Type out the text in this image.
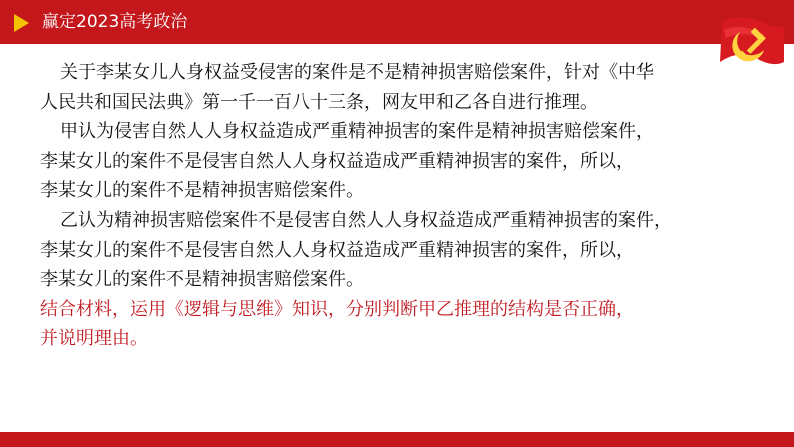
赢定2023高考政治

关于李某女儿人身权益受侵害的案件是不是精神损害赔偿案件，针对《中华

人民共和国民法典》第一千一百八十三条，网友甲和乙各自进行推理。

甲认为侵害自然人人身权益造成严重精神损害的案件是精神损害赔偿案件，

李某女儿的案件不是侵害自然人人身权益造成严重精神损害的案件，所以，

李某女儿的案件不是精神损害赔偿案件。

乙认为精神损害赔偿案件不是侵害自然人人身权益造成严重精神损害的案件，

李某女儿的案件不是侵害自然人人身权益造成严重精神损害的案件，所以，

李某女儿的案件不是精神损害赔偿案件。

结合材料，运用《逻辑与思维》知识，分别判断甲乙推理的结构是否正确，

并说明理由。
